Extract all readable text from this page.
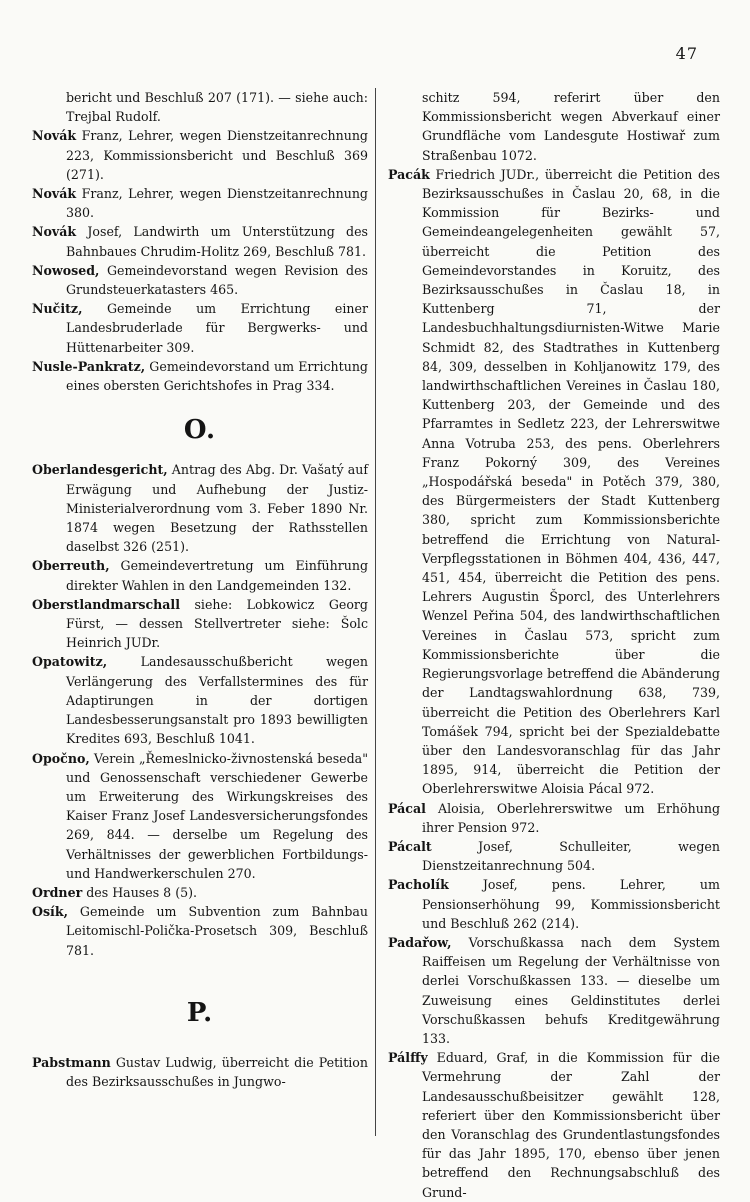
47

bericht und Beschluß 207 (171). — siehe auch: Trejbal Rudolf.

Novák Franz, Lehrer, wegen Dienstzeitanrechnung 223, Kommissionsbericht und Beschluß 369 (271).

Novák Franz, Lehrer, wegen Dienstzeitanrechnung 380.

Novák Josef, Landwirth um Unterstützung des Bahnbaues Chrudim-Holitz 269, Beschluß 781.

Nowosed, Gemeindevorstand wegen Revision des Grundsteuerkatasters 465.

Nučitz, Gemeinde um Errichtung einer Landesbruderlade für Bergwerks- und Hüttenarbeiter 309.

Nusle-Pankratz, Gemeindevorstand um Errichtung eines obersten Gerichtshofes in Prag 334.

O.

Oberlandesgericht, Antrag des Abg. Dr. Vašatý auf Erwägung und Aufhebung der Justiz-Ministerialverordnung vom 3. Feber 1890 Nr. 1874 wegen Besetzung der Rathsstellen daselbst 326 (251).

Oberreuth, Gemeindevertretung um Einführung direkter Wahlen in den Landgemeinden 132.

Oberstlandmarschall siehe: Lobkowicz Georg Fürst, — dessen Stellvertreter siehe: Šolc Heinrich JUDr.

Opatowitz, Landesausschußbericht wegen Verlängerung des Verfallstermines des für Adaptirungen in der dortigen Landesbesserungsanstalt pro 1893 bewilligten Kredites 693, Beschluß 1041.

Opočno, Verein „Řemeslnicko-živnostenská beseda" und Genossenschaft verschiedener Gewerbe um Erweiterung des Wirkungskreises des Kaiser Franz Josef Landesversicherungsfondes 269, 844. — derselbe um Regelung des Verhältnisses der gewerblichen Fortbildungs- und Handwerkerschulen 270.

Ordner des Hauses 8 (5).

Osík, Gemeinde um Subvention zum Bahnbau Leitomischl-Polička-Prosetsch 309, Beschluß 781.

P.

Pabstmann Gustav Ludwig, überreicht die Petition des Bezirksausschußes in Jungwo-

schitz 594, referirt über den Kommissionsbericht wegen Abverkauf einer Grundfläche vom Landesgute Hostiwař zum Straßenbau 1072.

Pacák Friedrich JUDr., überreicht die Petition des Bezirksausschußes in Časlau 20, 68, in die Kommission für Bezirks- und Gemeindeangelegenheiten gewählt 57, überreicht die Petition des Gemeindevorstandes in Koruitz, des Bezirksausschußes in Časlau 18, in Kuttenberg 71, der Landesbuchhaltungsdiurnisten-Witwe Marie Schmidt 82, des Stadtrathes in Kuttenberg 84, 309, desselben in Kohljanowitz 179, des landwirthschaftlichen Vereines in Časlau 180, Kuttenberg 203, der Gemeinde und des Pfarramtes in Sedletz 223, der Lehrerswitwe Anna Votruba 253, des pens. Oberlehrers Franz Pokorný 309, des Vereines „Hospodářská beseda" in Potěch 379, 380, des Bürgermeisters der Stadt Kuttenberg 380, spricht zum Kommissionsberichte betreffend die Errichtung von Natural-Verpflegsstationen in Böhmen 404, 436, 447, 451, 454, überreicht die Petition des pens. Lehrers Augustin Šporcl, des Unterlehrers Wenzel Peřina 504, des landwirthschaftlichen Vereines in Časlau 573, spricht zum Kommissionsberichte über die Regierungsvorlage betreffend die Abänderung der Landtagswahlordnung 638, 739, überreicht die Petition des Oberlehrers Karl Tomášek 794, spricht bei der Spezialdebatte über den Landesvoranschlag für das Jahr 1895, 914, überreicht die Petition der Oberlehrerswitwe Aloisia Pácal 972.

Pácal Aloisia, Oberlehrerswitwe um Erhöhung ihrer Pension 972.

Pácalt Josef, Schulleiter, wegen Dienstzeitanrechnung 504.

Pacholík Josef, pens. Lehrer, um Pensionserhöhung 99, Kommissionsbericht und Beschluß 262 (214).

Padařow, Vorschußkassa nach dem System Raiffeisen um Regelung der Verhältnisse von derlei Vorschußkassen 133. — dieselbe um Zuweisung eines Geldinstitutes derlei Vorschußkassen behufs Kreditgewährung 133.

Pálffy Eduard, Graf, in die Kommission für die Vermehrung der Zahl der Landesausschußbeisitzer gewählt 128, referiert über den Kommissionsbericht über den Voranschlag des Grundentlastungsfondes für das Jahr 1895, 170, ebenso über jenen betreffend den Rechnungsabschluß des Grund-
